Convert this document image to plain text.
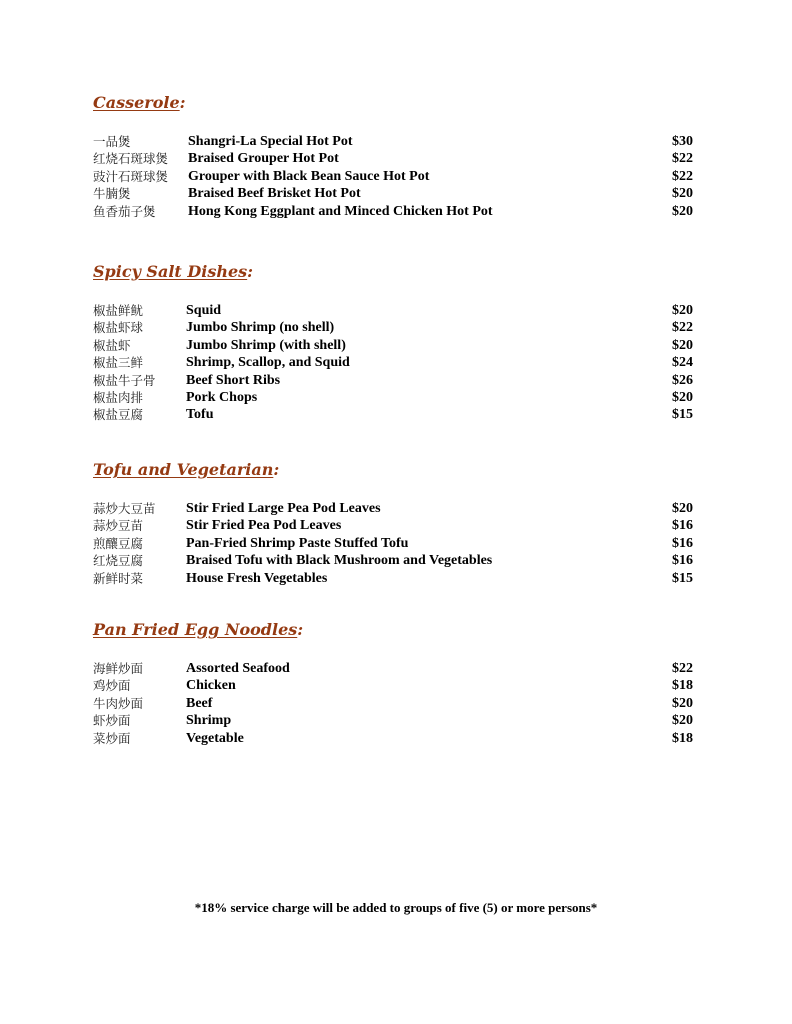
Casserole:
一品煲	Shangri-La Special Hot Pot	$30
红烧石斑球煲 Braised Grouper Hot Pot	$22
豉汁石斑球煲 Grouper with Black Bean Sauce Hot Pot	$22
牛腩煲	Braised Beef Brisket Hot Pot	$20
鱼香茄子煲 Hong Kong Eggplant and Minced Chicken Hot Pot	$20
Spicy Salt Dishes:
椒盐鲜鱿	Squid	$20
椒盐虾球	Jumbo Shrimp (no shell)	$22
椒盐虾	Jumbo Shrimp (with shell)	$20
椒盐三鲜	Shrimp, Scallop, and Squid	$24
椒盐牛子骨 Beef Short Ribs	$26
椒盐肉排	Pork Chops	$20
椒盐豆腐	Tofu	$15
Tofu and Vegetarian:
蒜炒大豆苗 Stir Fried Large Pea Pod Leaves	$20
蒜炒豆苗	Stir Fried Pea Pod Leaves	$16
煎釀豆腐	Pan-Fried Shrimp Paste Stuffed Tofu	$16
红烧豆腐	Braised Tofu with Black Mushroom and Vegetables	$16
新鲜时菜	House Fresh Vegetables	$15
Pan Fried Egg Noodles:
海鲜炒面	Assorted Seafood	$22
鸡炒面	Chicken	$18
牛肉炒面	Beef	$20
虾炒面	Shrimp	$20
菜炒面	Vegetable	$18
*18% service charge will be added to groups of five (5) or more persons*
